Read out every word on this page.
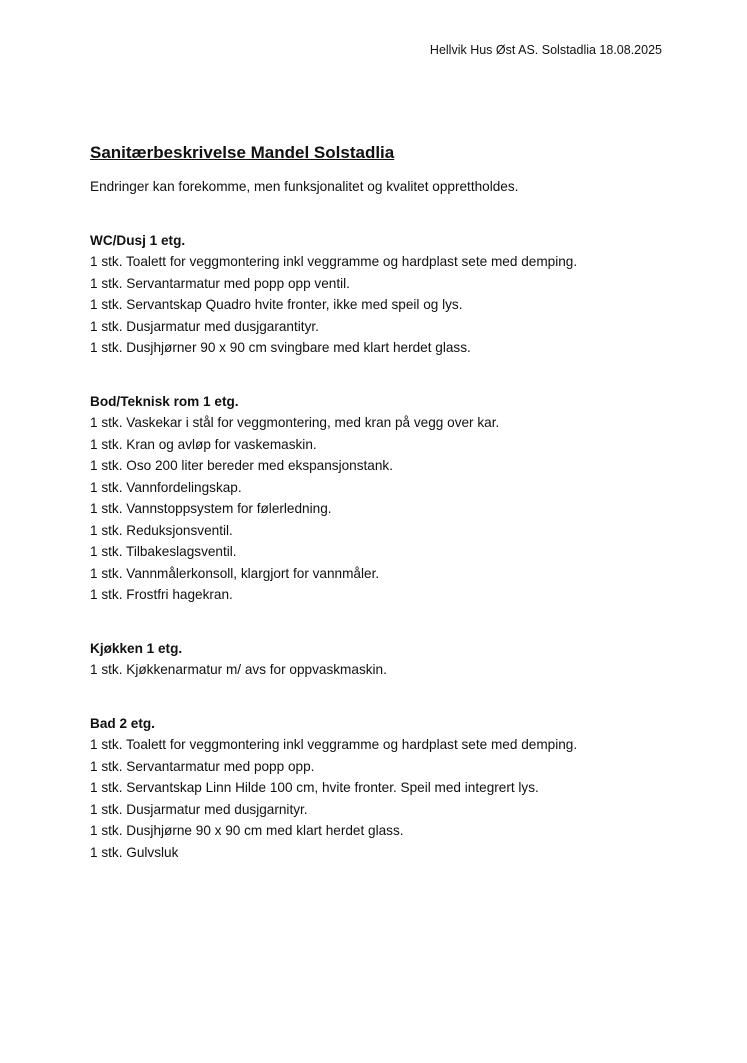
Hellvik Hus Øst AS. Solstadlia 18.08.2025
Sanitærbeskrivelse Mandel Solstadlia
Endringer kan forekomme, men funksjonalitet og kvalitet opprettholdes.
WC/Dusj 1 etg.
1 stk. Toalett for veggmontering inkl veggramme og hardplast sete med demping.
1 stk. Servantarmatur med popp opp ventil.
1 stk. Servantskap Quadro hvite fronter, ikke med speil og lys.
1 stk. Dusjarmatur med dusjgarantityr.
1 stk. Dusjhjørner 90 x 90 cm svingbare med klart herdet glass.
Bod/Teknisk rom 1 etg.
1 stk. Vaskekar i stål for veggmontering, med kran på vegg over kar.
1 stk. Kran og avløp for vaskemaskin.
1 stk. Oso 200 liter bereder med ekspansjonstank.
1 stk. Vannfordelingskap.
1 stk. Vannstoppsystem for følerledning.
1 stk. Reduksjonsventil.
1 stk. Tilbakeslagsventil.
1 stk. Vannmålerkonsoll, klargjort for vannmåler.
1 stk. Frostfri hagekran.
Kjøkken 1 etg.
1 stk. Kjøkkenarmatur m/ avs for oppvaskmaskin.
Bad 2 etg.
1 stk. Toalett for veggmontering inkl veggramme og hardplast sete med demping.
1 stk. Servantarmatur med popp opp.
1 stk. Servantskap Linn Hilde 100 cm, hvite fronter. Speil med integrert lys.
1 stk. Dusjarmatur med dusjgarnityr.
1 stk. Dusjhjørne 90 x 90 cm med klart herdet glass.
1 stk. Gulvsluk
